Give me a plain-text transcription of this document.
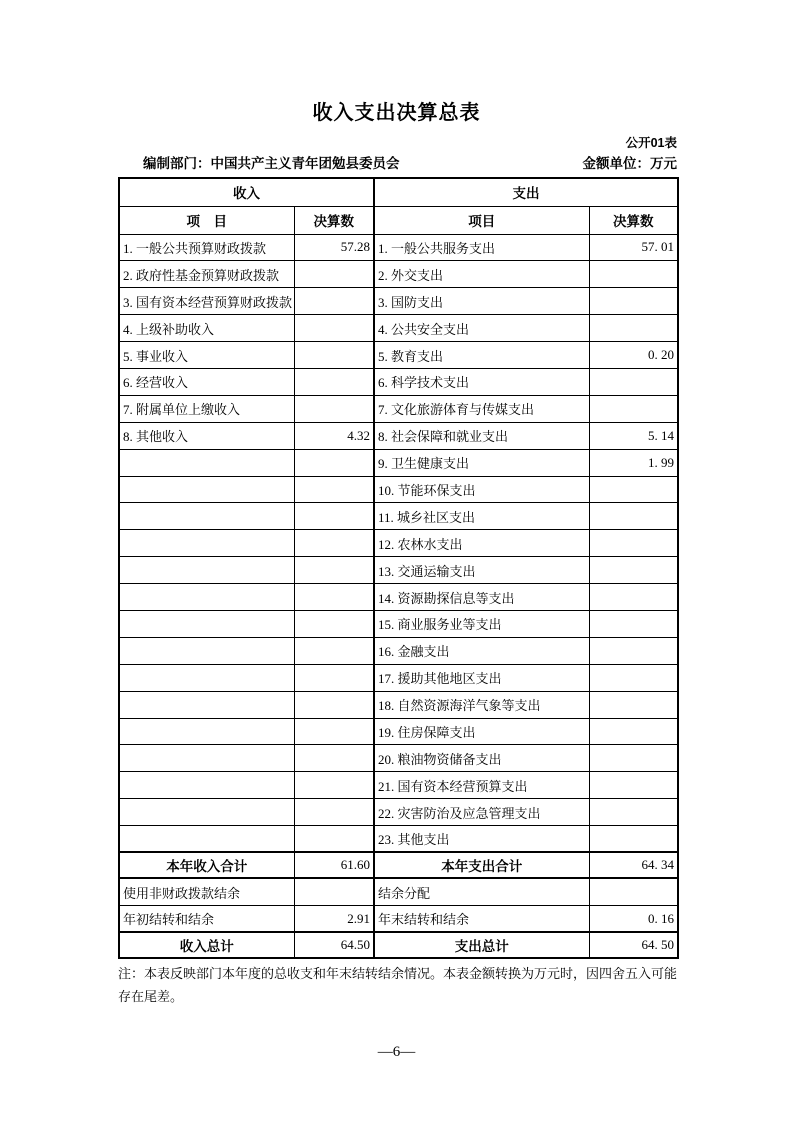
收入支出决算总表
公开01表
编制部门：中国共产主义青年团勉县委员会	金额单位：万元
收入		支出	
项　目	决算数	项目	决算数
1. 一般公共预算财政拨款	57.28	1. 一般公共服务支出	57. 01
2. 政府性基金预算财政拨款		2. 外交支出	
3. 国有资本经营预算财政拨款		3. 国防支出	
4. 上级补助收入		4. 公共安全支出	
5. 事业收入		5. 教育支出	0. 20
6. 经营收入		6. 科学技术支出	
7. 附属单位上缴收入		7. 文化旅游体育与传媒支出	
8. 其他收入	4.32	8. 社会保障和就业支出	5. 14
		9. 卫生健康支出	1. 99
		10. 节能环保支出	
		11. 城乡社区支出	
		12. 农林水支出	
		13. 交通运输支出	
		14. 资源勘探信息等支出	
		15. 商业服务业等支出	
		16. 金融支出	
		17. 援助其他地区支出	
		18. 自然资源海洋气象等支出	
		19. 住房保障支出	
		20. 粮油物资储备支出	
		21. 国有资本经营预算支出	
		22. 灾害防治及应急管理支出	
		23. 其他支出	
本年收入合计	61.60	本年支出合计	64. 34
使用非财政拨款结余		结余分配	
年初结转和结余	2.91	年末结转和结余	0. 16
收入总计	64.50	支出总计	64. 50
注：本表反映部门本年度的总收支和年末结转结余情况。本表金额转换为万元时，因四舍五入可能存在尾差。
—6—
